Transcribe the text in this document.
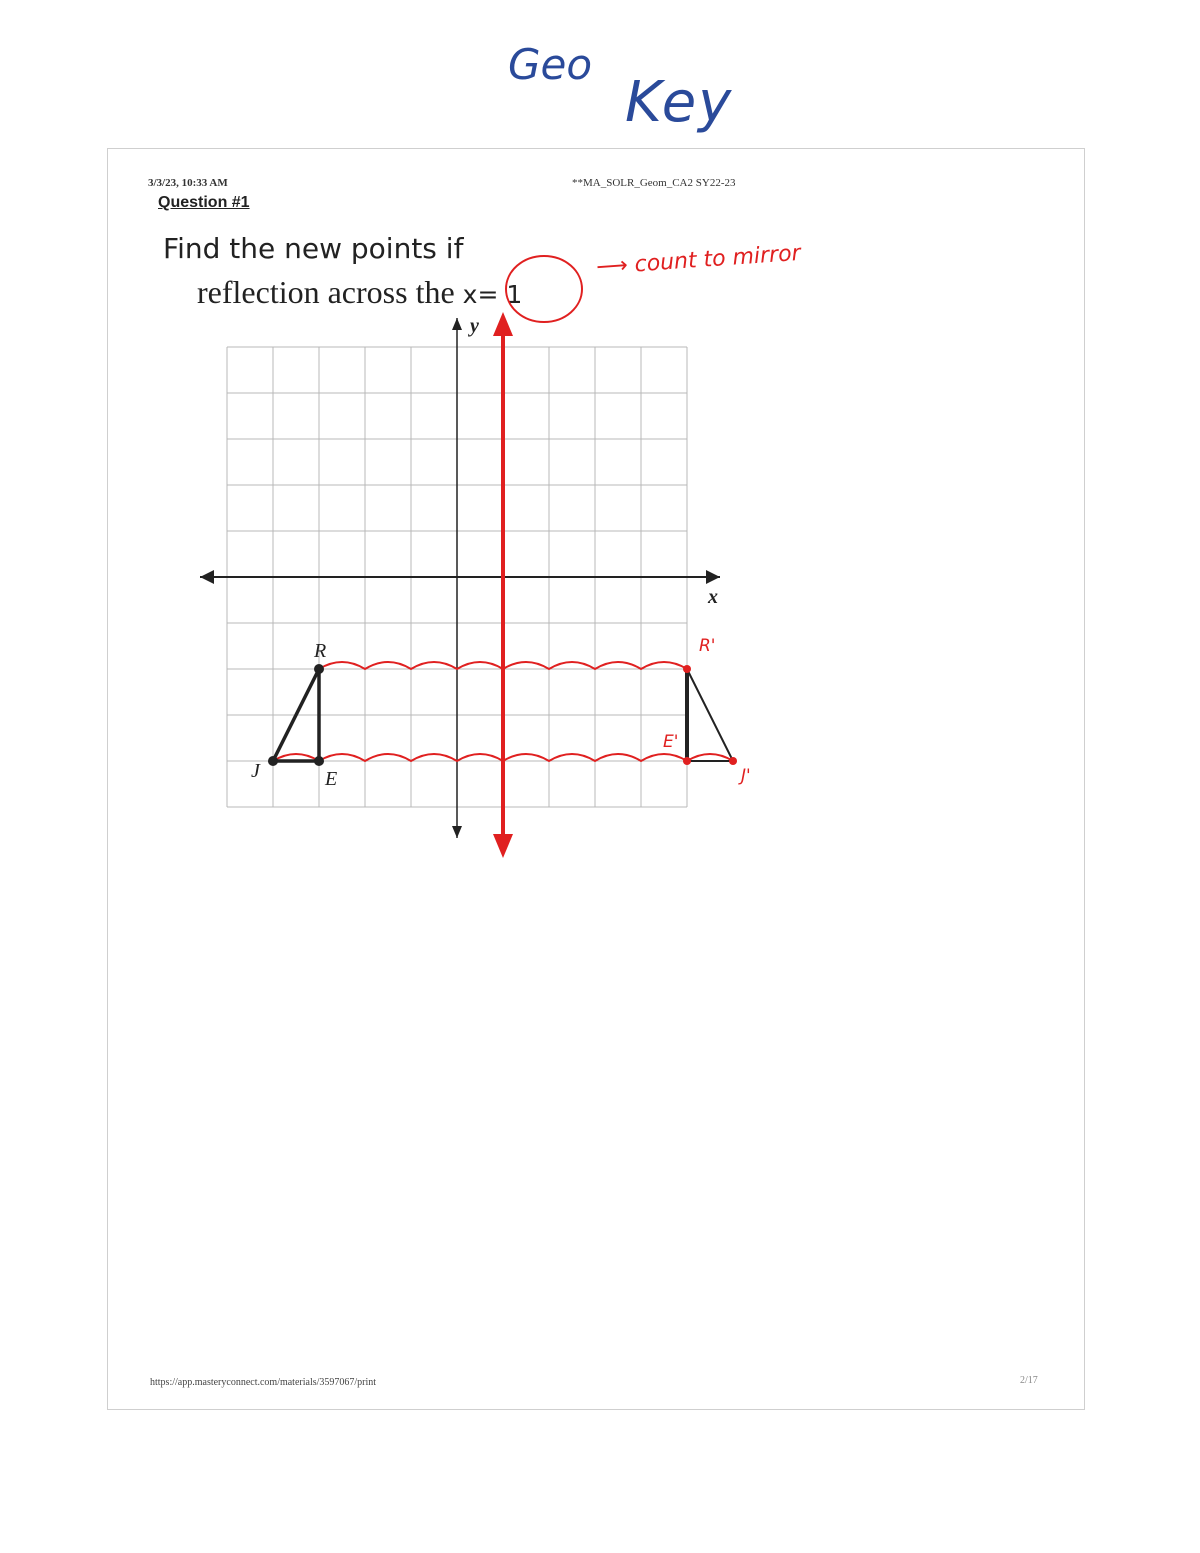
Geo
Key
3/3/23, 10:33 AM	**MA_SOLR_Geom_CA2 SY22-23
Question #1
Find the new points if
reflection across the x= 1
⟶ count to mirror
x
y
R
E
J
R'
E'
J'
https://app.masteryconnect.com/materials/3597067/print	2/17
